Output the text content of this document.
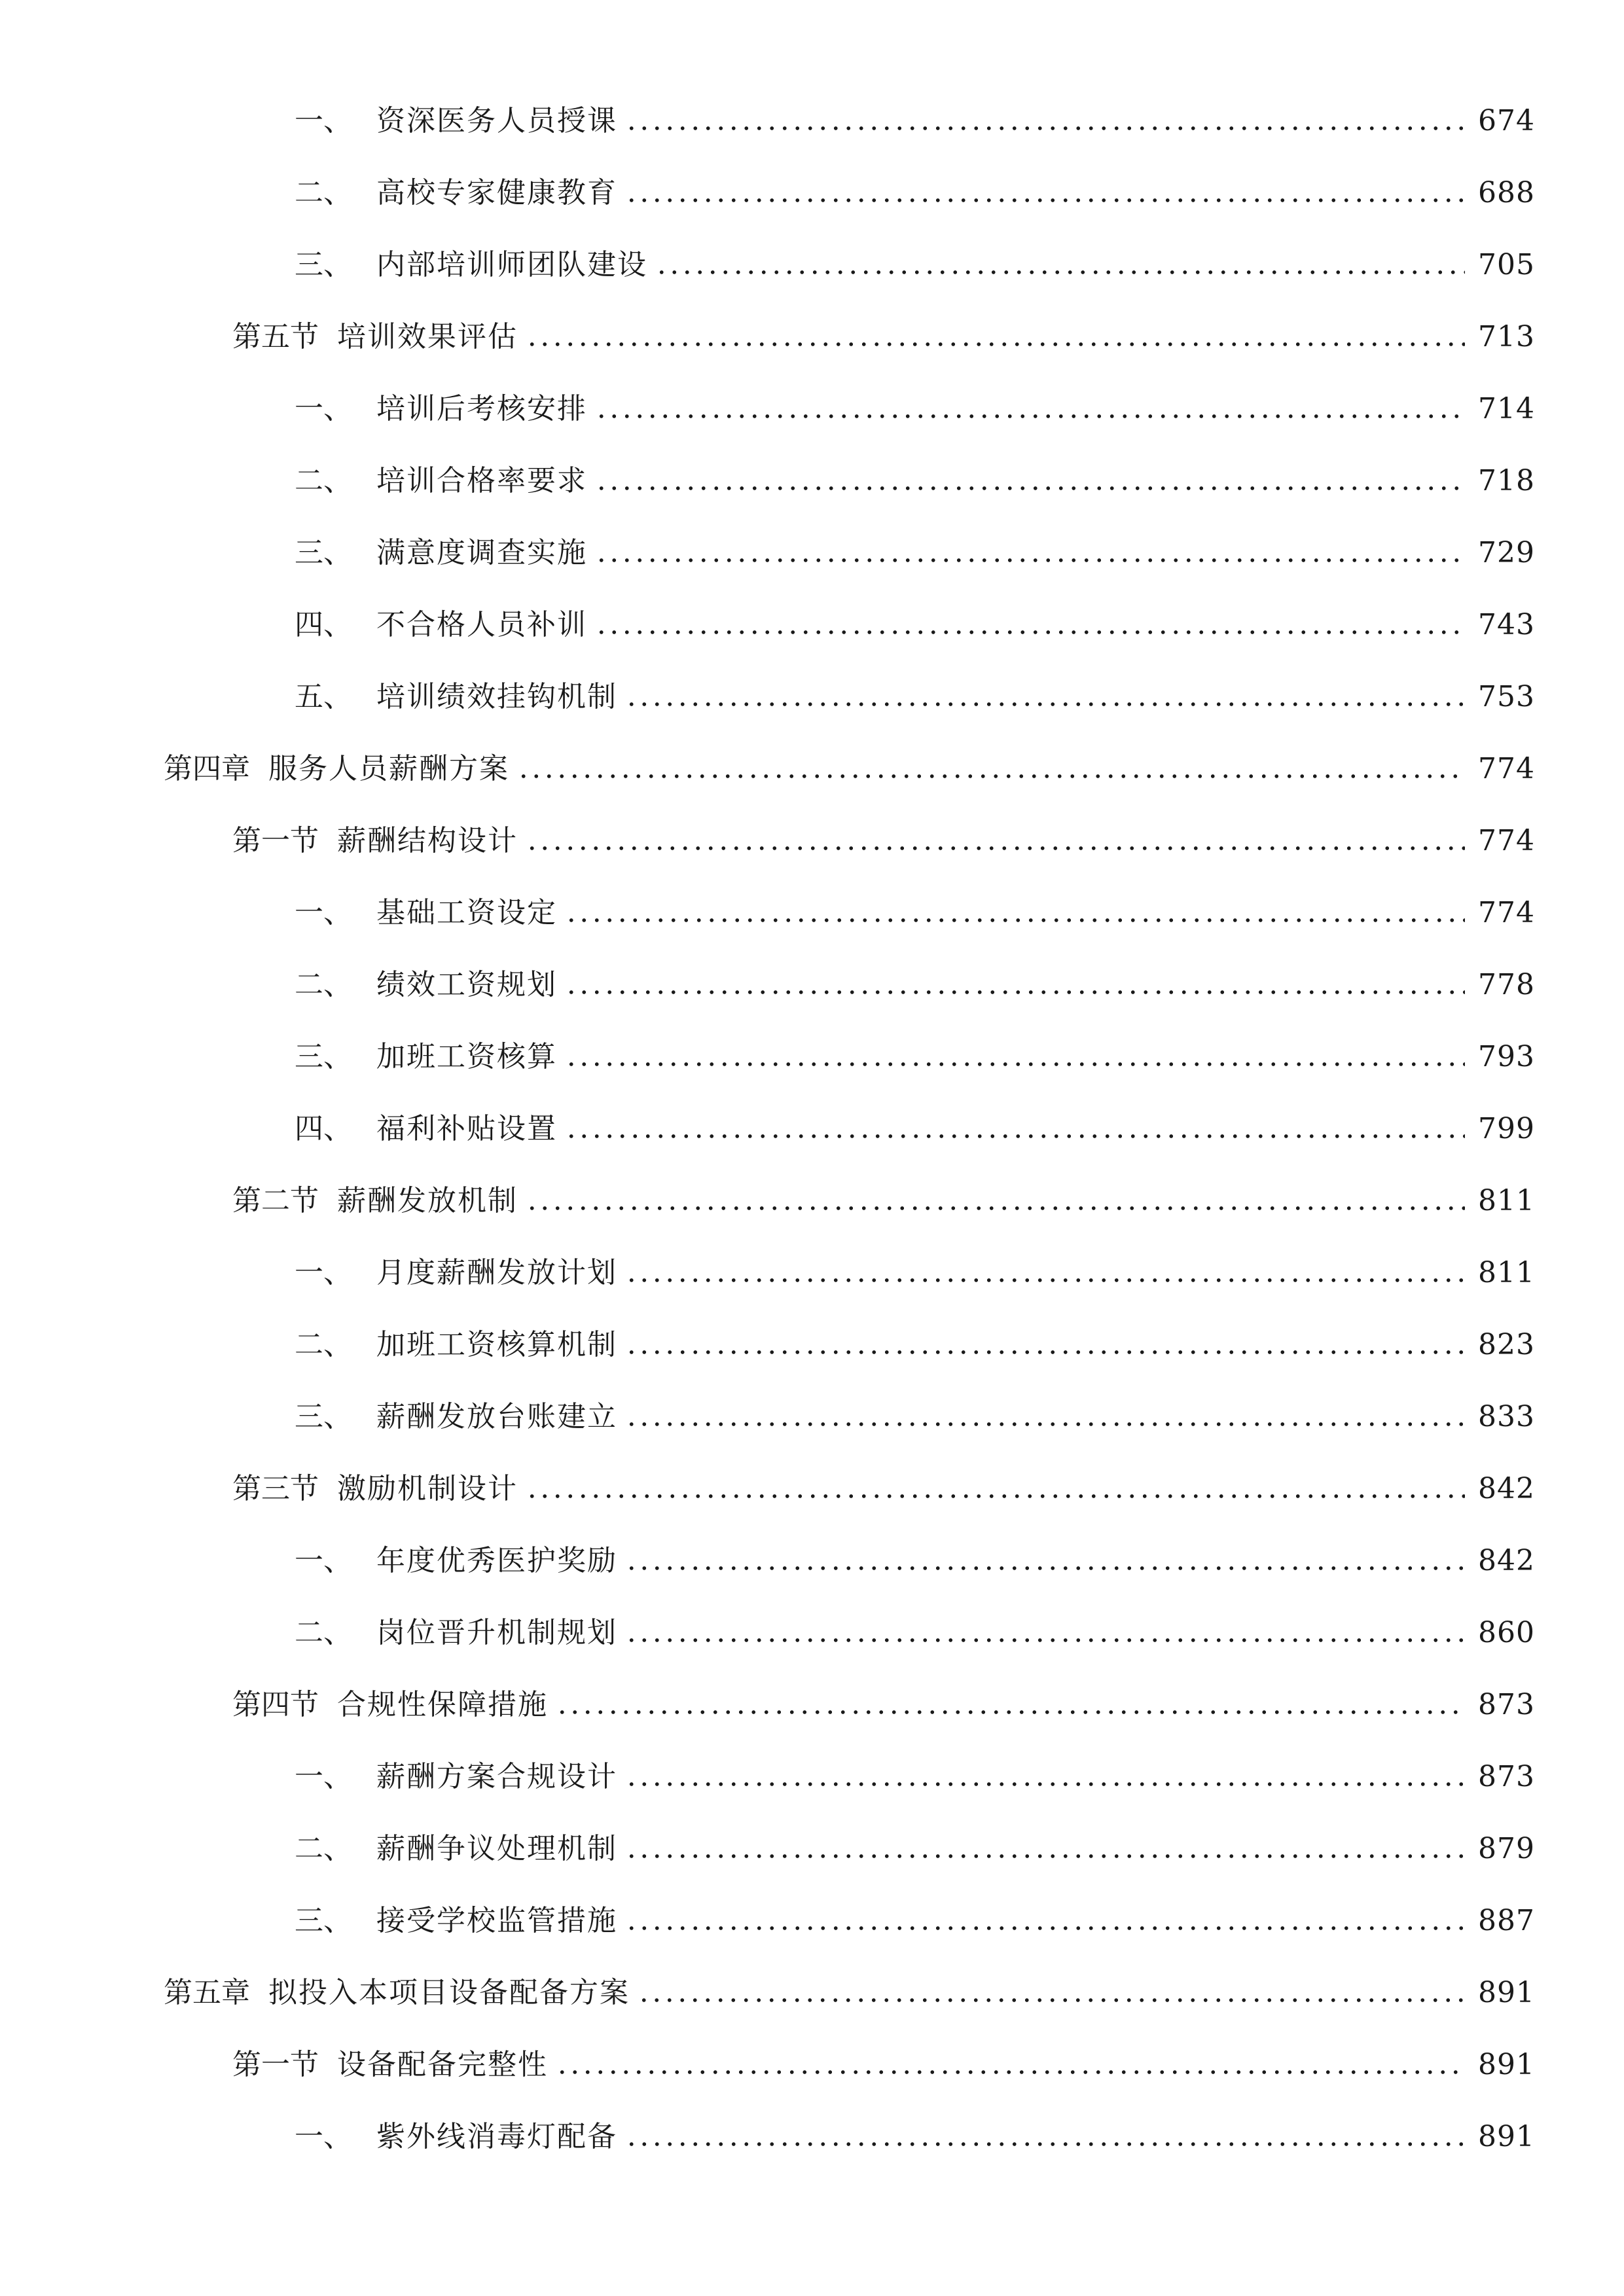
一、 资深医务人员授课	674
二、 高校专家健康教育	688
三、 内部培训师团队建设	705
第五节 培训效果评估	713
一、 培训后考核安排	714
二、 培训合格率要求	718
三、 满意度调查实施	729
四、 不合格人员补训	743
五、 培训绩效挂钩机制	753
第四章 服务人员薪酬方案	774
第一节 薪酬结构设计	774
一、 基础工资设定	774
二、 绩效工资规划	778
三、 加班工资核算	793
四、 福利补贴设置	799
第二节 薪酬发放机制	811
一、 月度薪酬发放计划	811
二、 加班工资核算机制	823
三、 薪酬发放台账建立	833
第三节 激励机制设计	842
一、 年度优秀医护奖励	842
二、 岗位晋升机制规划	860
第四节 合规性保障措施	873
一、 薪酬方案合规设计	873
二、 薪酬争议处理机制	879
三、 接受学校监管措施	887
第五章 拟投入本项目设备配备方案	891
第一节 设备配备完整性	891
一、 紫外线消毒灯配备	891
